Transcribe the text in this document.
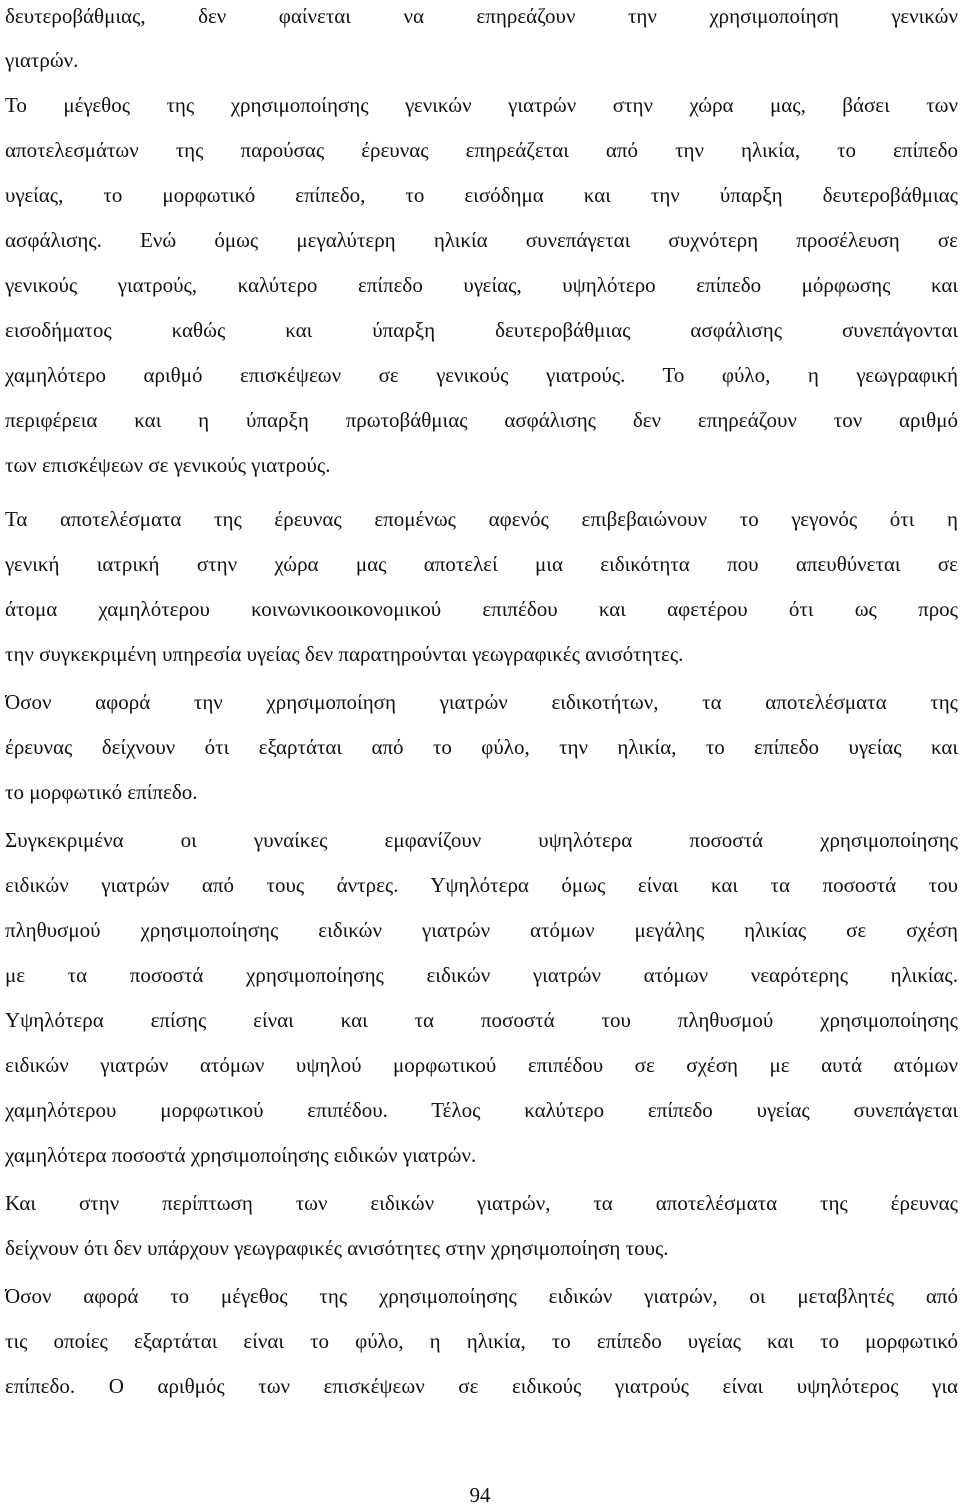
δευτεροβάθμιας, δεν φαίνεται να επηρεάζουν την χρησιμοποίηση γενικών
γιατρών.
Το μέγεθος της χρησιμοποίησης γενικών γιατρών στην χώρα μας, βάσει των
αποτελεσμάτων της παρούσας έρευνας επηρεάζεται από την ηλικία, το επίπεδο
υγείας, το μορφωτικό επίπεδο, το εισόδημα και την ύπαρξη δευτεροβάθμιας
ασφάλισης. Ενώ όμως μεγαλύτερη ηλικία συνεπάγεται συχνότερη προσέλευση σε
γενικούς γιατρούς, καλύτερο επίπεδο υγείας, υψηλότερο επίπεδο μόρφωσης και
εισοδήματος καθώς και ύπαρξη δευτεροβάθμιας ασφάλισης συνεπάγονται
χαμηλότερο αριθμό επισκέψεων σε γενικούς γιατρούς. Το φύλο, η γεωγραφική
περιφέρεια και η ύπαρξη πρωτοβάθμιας ασφάλισης δεν επηρεάζουν τον αριθμό
των επισκέψεων σε γενικούς γιατρούς.
Τα αποτελέσματα της έρευνας επομένως αφενός επιβεβαιώνουν το γεγονός ότι η
γενική ιατρική στην χώρα μας αποτελεί μια ειδικότητα που απευθύνεται σε
άτομα χαμηλότερου κοινωνικοοικονομικού επιπέδου και αφετέρου ότι ως προς
την συγκεκριμένη υπηρεσία υγείας δεν παρατηρούνται γεωγραφικές ανισότητες.
Όσον αφορά την χρησιμοποίηση γιατρών ειδικοτήτων, τα αποτελέσματα της
έρευνας δείχνουν ότι εξαρτάται από το φύλο, την ηλικία, το επίπεδο υγείας και
το μορφωτικό επίπεδο.
Συγκεκριμένα οι γυναίκες εμφανίζουν υψηλότερα ποσοστά χρησιμοποίησης
ειδικών γιατρών από τους άντρες. Υψηλότερα όμως είναι και τα ποσοστά του
πληθυσμού χρησιμοποίησης ειδικών γιατρών ατόμων μεγάλης ηλικίας σε σχέση
με τα ποσοστά χρησιμοποίησης ειδικών γιατρών ατόμων νεαρότερης ηλικίας.
Υψηλότερα επίσης είναι και τα ποσοστά του πληθυσμού χρησιμοποίησης
ειδικών γιατρών ατόμων υψηλού μορφωτικού επιπέδου σε σχέση με αυτά ατόμων
χαμηλότερου μορφωτικού επιπέδου. Τέλος καλύτερο επίπεδο υγείας συνεπάγεται
χαμηλότερα ποσοστά χρησιμοποίησης ειδικών γιατρών.
Και στην περίπτωση των ειδικών γιατρών, τα αποτελέσματα της έρευνας
δείχνουν ότι δεν υπάρχουν γεωγραφικές ανισότητες στην χρησιμοποίηση τους.
Όσον αφορά το μέγεθος της χρησιμοποίησης ειδικών γιατρών, οι μεταβλητές από
τις οποίες εξαρτάται είναι το φύλο, η ηλικία, το επίπεδο υγείας και το μορφωτικό
επίπεδο. Ο αριθμός των επισκέψεων σε ειδικούς γιατρούς είναι υψηλότερος για
94
